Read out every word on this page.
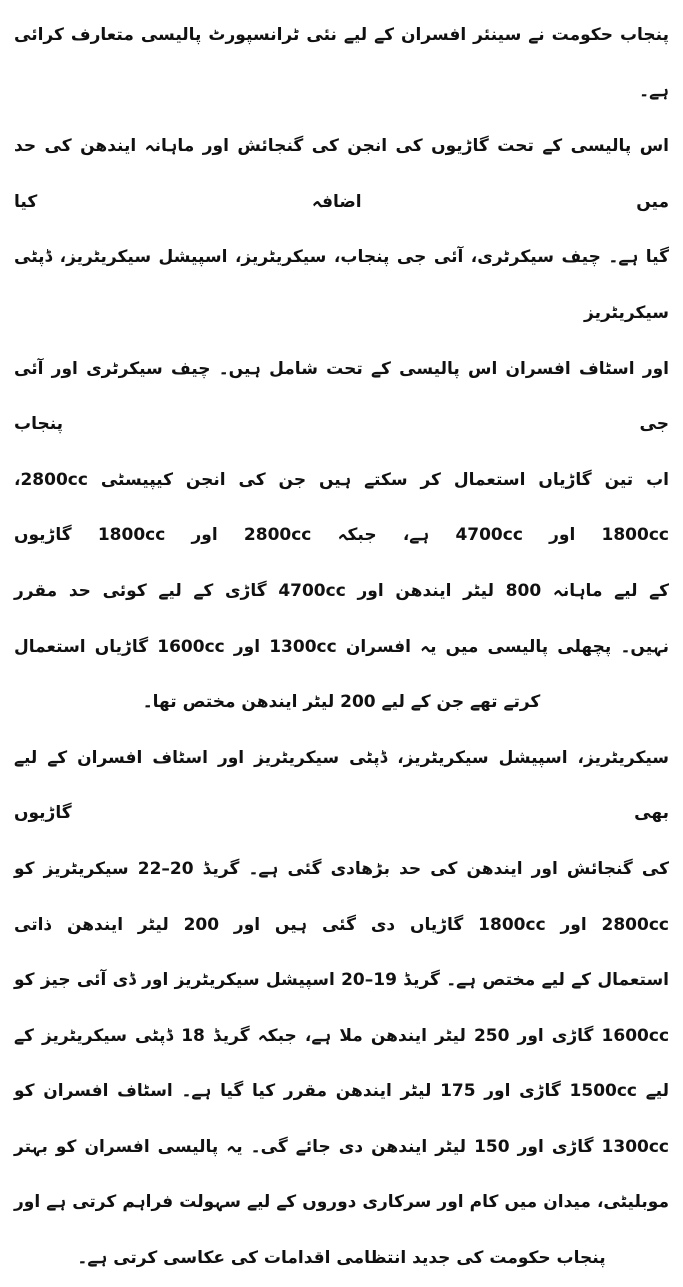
پنجاب حکومت نے سینئر افسران کے لیے نئی ٹرانسپورٹ پالیسی متعارف کرائی ہے۔
اس پالیسی کے تحت گاڑیوں کی انجن کی گنجائش اور ماہانہ ایندھن کی حد میں اضافہ کیا
گیا ہے۔ چیف سیکرٹری، آئی جی پنجاب، سیکریٹریز، اسپیشل سیکریٹریز، ڈپٹی سیکریٹریز
اور اسٹاف افسران اس پالیسی کے تحت شامل ہیں۔ چیف سیکرٹری اور آئی جی پنجاب
اب تین گاڑیاں استعمال کر سکتے ہیں جن کی انجن کیپیسٹی 2800cc،
1800cc اور 4700cc ہے، جبکہ 2800cc اور 1800cc گاڑیوں
کے لیے ماہانہ 800 لیٹر ایندھن اور 4700cc گاڑی کے لیے کوئی حد مقرر
نہیں۔ پچھلی پالیسی میں یہ افسران 1300cc اور 1600cc گاڑیاں استعمال
کرتے تھے جن کے لیے 200 لیٹر ایندھن مختص تھا۔
سیکریٹریز، اسپیشل سیکریٹریز، ڈپٹی سیکریٹریز اور اسٹاف افسران کے لیے بھی گاڑیوں
کی گنجائش اور ایندھن کی حد بڑھادی گئی ہے۔ گریڈ 20–22 سیکریٹریز کو
2800cc اور 1800cc گاڑیاں دی گئی ہیں اور 200 لیٹر ایندھن ذاتی
استعمال کے لیے مختص ہے۔ گریڈ 19–20 اسپیشل سیکریٹریز اور ڈی آئی جیز کو
1600cc گاڑی اور 250 لیٹر ایندھن ملا ہے، جبکہ گریڈ 18 ڈپٹی سیکریٹریز کے
لیے 1500cc گاڑی اور 175 لیٹر ایندھن مقرر کیا گیا ہے۔ اسٹاف افسران کو
1300cc گاڑی اور 150 لیٹر ایندھن دی جائے گی۔ یہ پالیسی افسران کو بہتر
موبلیٹی، میدان میں کام اور سرکاری دوروں کے لیے سہولت فراہم کرتی ہے اور
پنجاب حکومت کی جدید انتظامی اقدامات کی عکاسی کرتی ہے۔
